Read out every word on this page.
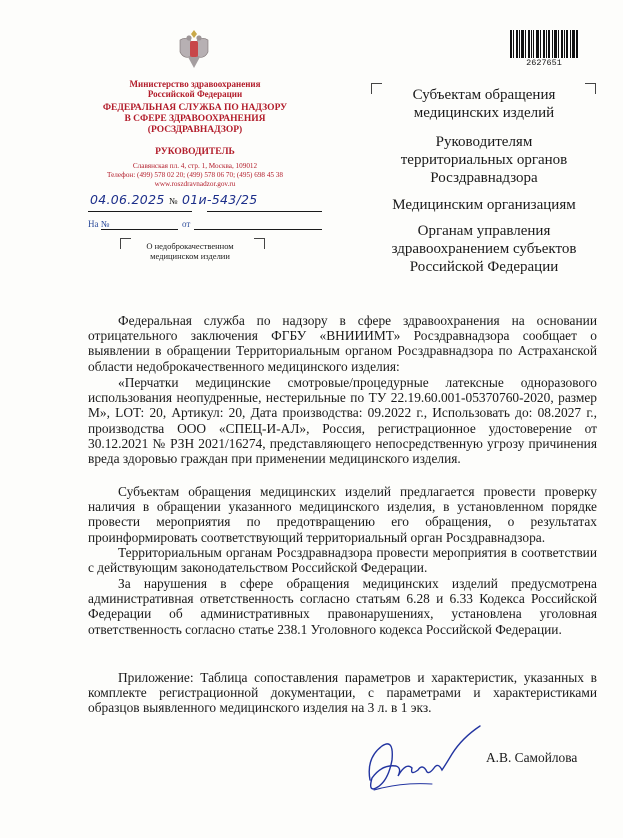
Министерство здравоохранения
Российской Федерации
ФЕДЕРАЛЬНАЯ СЛУЖБА ПО НАДЗОРУ
В СФЕРЕ ЗДРАВООХРАНЕНИЯ
(РОСЗДРАВНАДЗОР)
РУКОВОДИТЕЛЬ
Славянская пл. 4, стр. 1, Москва, 109012
Телефон: (499) 578 02 20; (499) 578 06 70; (495) 698 45 38
www.roszdravnadzor.gov.ru
04.06.2025 № 01и-543/25
На №	от
О недоброкачественном
медицинском изделии
2627651
Субъектам обращения
медицинских изделий
Руководителям
территориальных органов
Росздравнадзора
Медицинским организациям
Органам управления
здравоохранением субъектов
Российской Федерации
Федеральная служба по надзору в сфере здравоохранения на основании отрицательного заключения ФГБУ «ВНИИИМТ» Росздравнадзора сообщает о выявлении в обращении Территориальным органом Росздравнадзора по Астраханской области недоброкачественного медицинского изделия:
«Перчатки медицинские смотровые/процедурные латексные одноразового использования неопудренные, нестерильные по ТУ 22.19.60.001-05370760-2020, размер M», LOT: 20, Артикул: 20, Дата производства: 09.2022 г., Использовать до: 08.2027 г., производства ООО «СПЕЦ-И-АЛ», Россия, регистрационное удостоверение от 30.12.2021 № РЗН 2021/16274, представляющего непосредственную угрозу причинения вреда здоровью граждан при применении медицинского изделия.
Субъектам обращения медицинских изделий предлагается провести проверку наличия в обращении указанного медицинского изделия, в установленном порядке провести мероприятия по предотвращению его обращения, о результатах проинформировать соответствующий территориальный орган Росздравнадзора.
Территориальным органам Росздравнадзора провести мероприятия в соответствии с действующим законодательством Российской Федерации.
За нарушения в сфере обращения медицинских изделий предусмотрена административная ответственность согласно статьям 6.28 и 6.33 Кодекса Российской Федерации об административных правонарушениях, установлена уголовная ответственность согласно статье 238.1 Уголовного кодекса Российской Федерации.
Приложение: Таблица сопоставления параметров и характеристик, указанных в комплекте регистрационной документации, с параметрами и характеристиками образцов выявленного медицинского изделия на 3 л. в 1 экз.
А.В. Самойлова
